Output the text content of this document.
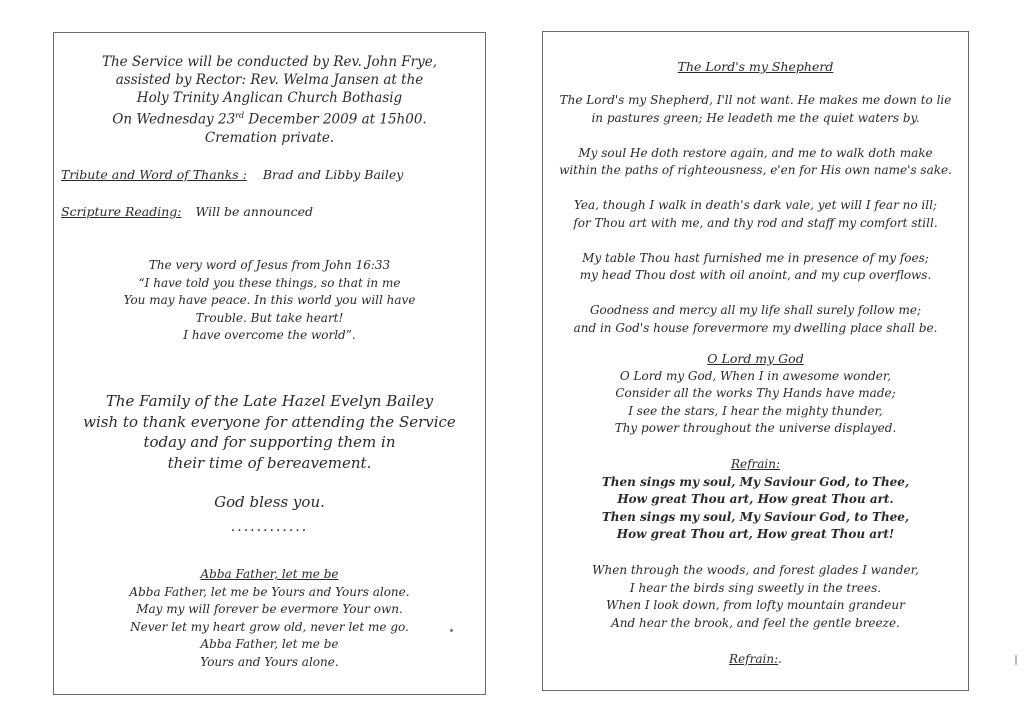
The Service will be conducted by Rev. John Frye,
assisted by Rector: Rev. Welma Jansen at the
Holy Trinity Anglican Church Bothasig
On Wednesday 23rd December 2009 at 15h00.
Cremation private.
Tribute and Word of Thanks : Brad and Libby Bailey
Scripture Reading: Will be announced
The very word of Jesus from John 16:33
“I have told you these things, so that in me
You may have peace. In this world you will have
Trouble. But take heart!
I have overcome the world”.
The Family of the Late Hazel Evelyn Bailey
wish to thank everyone for attending the Service
today and for supporting them in
their time of bereavement.
God bless you.
............
Abba Father, let me be
Abba Father, let me be Yours and Yours alone.
May my will forever be evermore Your own.
Never let my heart grow old, never let me go.
Abba Father, let me be
Yours and Yours alone.
The Lord's my Shepherd
The Lord's my Shepherd, I'll not want. He makes me down to lie
in pastures green; He leadeth me the quiet waters by.
My soul He doth restore again, and me to walk doth make
within the paths of righteousness, e'en for His own name's sake.
Yea, though I walk in death's dark vale, yet will I fear no ill;
for Thou art with me, and thy rod and staff my comfort still.
My table Thou hast furnished me in presence of my foes;
my head Thou dost with oil anoint, and my cup overflows.
Goodness and mercy all my life shall surely follow me;
and in God's house forevermore my dwelling place shall be.
O Lord my God
O Lord my God, When I in awesome wonder,
Consider all the works Thy Hands have made;
I see the stars, I hear the mighty thunder,
Thy power throughout the universe displayed.
Refrain:
Then sings my soul, My Saviour God, to Thee,
How great Thou art, How great Thou art.
Then sings my soul, My Saviour God, to Thee,
How great Thou art, How great Thou art!
When through the woods, and forest glades I wander,
I hear the birds sing sweetly in the trees.
When I look down, from lofty mountain grandeur
And hear the brook, and feel the gentle breeze.
Refrain:.
